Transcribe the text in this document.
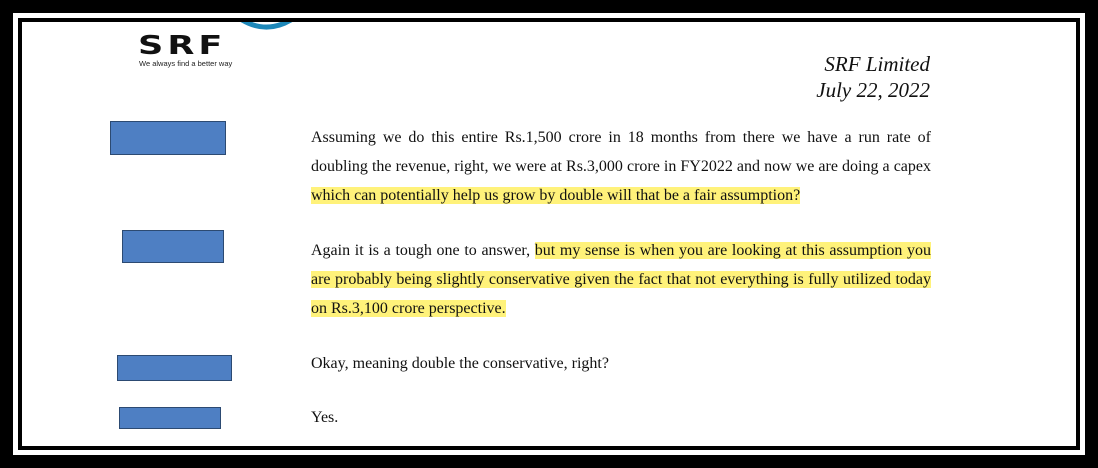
SRF
We always find a better way	SRF Limited
July 22, 2022
Assuming we do this entire Rs.1,500 crore in 18 months from there we have a run rate of doubling the revenue, right, we were at Rs.3,000 crore in FY2022 and now we are doing a capex which can potentially help us grow by double will that be a fair assumption?
Again it is a tough one to answer, but my sense is when you are looking at this assumption you are probably being slightly conservative given the fact that not everything is fully utilized today on Rs.3,100 crore perspective.
Okay, meaning double the conservative, right?
Yes.
